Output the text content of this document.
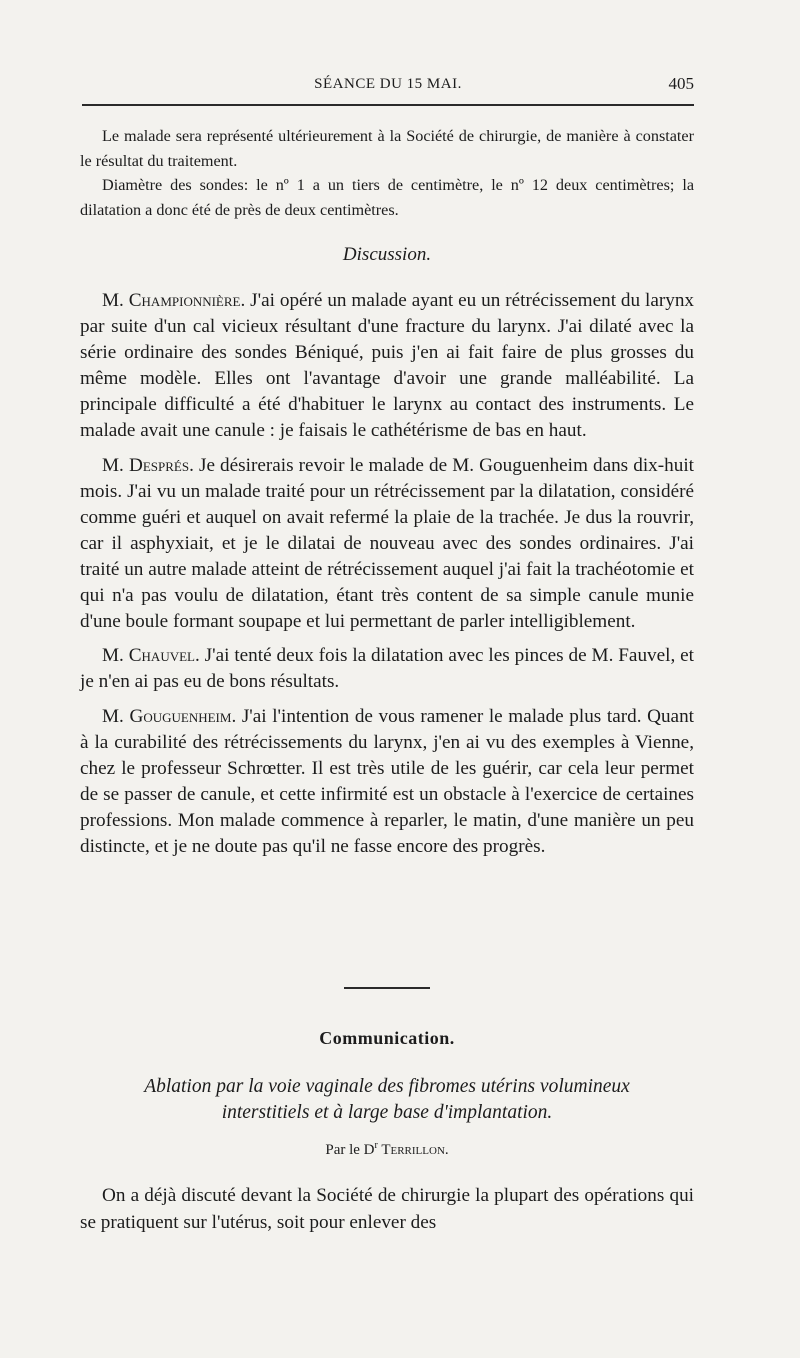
SÉANCE DU 15 MAI.	405

Le malade sera représenté ultérieurement à la Société de chirurgie, de manière à constater le résultat du traitement.

Diamètre des sondes: le nº 1 a un tiers de centimètre, le nº 12 deux centimètres; la dilatation a donc été de près de deux centimètres.

Discussion.

M. Championnière. J'ai opéré un malade ayant eu un rétrécissement du larynx par suite d'un cal vicieux résultant d'une fracture du larynx. J'ai dilaté avec la série ordinaire des sondes Béniqué, puis j'en ai fait faire de plus grosses du même modèle. Elles ont l'avantage d'avoir une grande malléabilité. La principale difficulté a été d'habituer le larynx au contact des instruments. Le malade avait une canule : je faisais le cathétérisme de bas en haut.

M. Després. Je désirerais revoir le malade de M. Gouguenheim dans dix-huit mois. J'ai vu un malade traité pour un rétrécissement par la dilatation, considéré comme guéri et auquel on avait refermé la plaie de la trachée. Je dus la rouvrir, car il asphyxiait, et je le dilatai de nouveau avec des sondes ordinaires. J'ai traité un autre malade atteint de rétrécissement auquel j'ai fait la trachéotomie et qui n'a pas voulu de dilatation, étant très content de sa simple canule munie d'une boule formant soupape et lui permettant de parler intelligiblement.

M. Chauvel. J'ai tenté deux fois la dilatation avec les pinces de M. Fauvel, et je n'en ai pas eu de bons résultats.

M. Gouguenheim. J'ai l'intention de vous ramener le malade plus tard. Quant à la curabilité des rétrécissements du larynx, j'en ai vu des exemples à Vienne, chez le professeur Schrœtter. Il est très utile de les guérir, car cela leur permet de se passer de canule, et cette infirmité est un obstacle à l'exercice de certaines professions. Mon malade commence à reparler, le matin, d'une manière un peu distincte, et je ne doute pas qu'il ne fasse encore des progrès.

Communication.
Ablation par la voie vaginale des fibromes utérins volumineux
interstitiels et à large base d'implantation.
Par le $D^r$ Terrillon.

On a déjà discuté devant la Société de chirurgie la plupart des opérations qui se pratiquent sur l'utérus, soit pour enlever des
